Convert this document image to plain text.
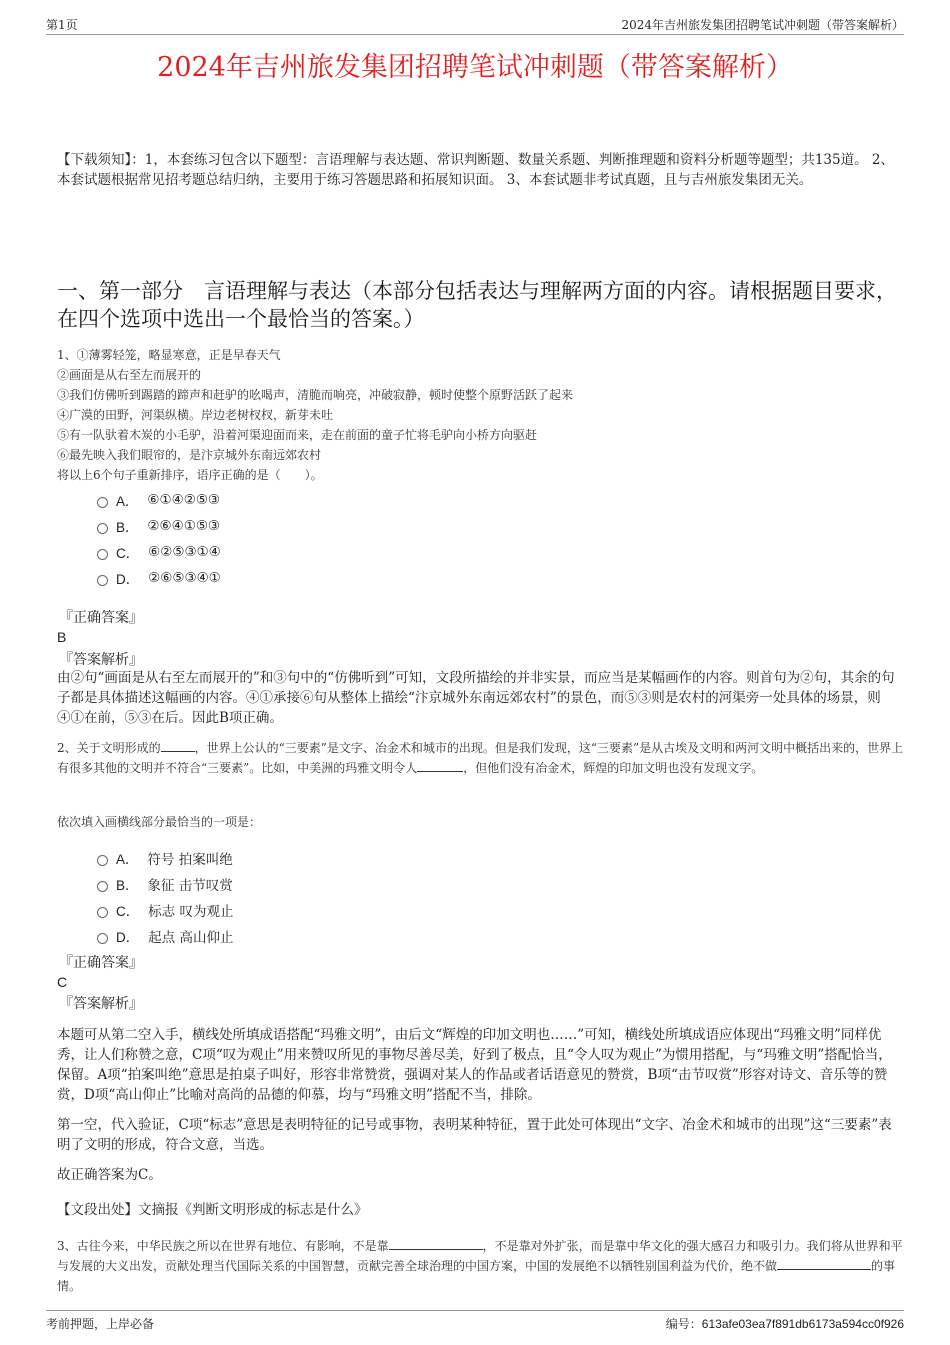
第1页	2024年吉州旅发集团招聘笔试冲刺题（带答案解析）
2024年吉州旅发集团招聘笔试冲刺题（带答案解析）
【下载须知】：1，本套练习包含以下题型：言语理解与表达题、常识判断题、数量关系题、判断推理题和资料分析题等题型；共135道。 2、本套试题根据常见招考题总结归纳，主要用于练习答题思路和拓展知识面。 3、本套试题非考试真题，且与吉州旅发集团无关。
一、第一部分　言语理解与表达（本部分包括表达与理解两方面的内容。请根据题目要求，在四个选项中选出一个最恰当的答案。）
1、①薄雾轻笼，略显寒意，正是早春天气
②画面是从右至左而展开的
③我们仿佛听到踢踏的蹄声和赶驴的吆喝声，清脆而响亮，冲破寂静，顿时使整个原野活跃了起来
④广漠的田野，河渠纵横。岸边老树杈杈，新芽未吐
⑤有一队驮着木炭的小毛驴，沿着河渠迎面而来，走在前面的童子忙将毛驴向小桥方向驱赶
⑥最先映入我们眼帘的，是汴京城外东南远郊农村
将以上6个句子重新排序，语序正确的是（　　）。
A．
⑥①④②⑤③
B．
②⑥④①⑤③
C．
⑥②⑤③①④
D．
②⑥⑤③④①
『正确答案』
B
『答案解析』
由②句“画面是从右至左而展开的”和③句中的“仿佛听到”可知，文段所描绘的并非实景，而应当是某幅画作的内容。则首句为②句，其余的句子都是具体描述这幅画的内容。④①承接⑥句从整体上描绘“汴京城外东南远郊农村”的景色，而⑤③则是农村的河渠旁一处具体的场景，则④①在前，⑤③在后。因此B项正确。
2、关于文明形成的	，世界上公认的“三要素”是文字、冶金术和城市的出现。但是我们发现，这“三要素”是从古埃及文明和两河文明中概括出来的，世界上有很多其他的文明并不符合“三要素”。比如，中美洲的玛雅文明令人	，但他们没有冶金术，辉煌的印加文明也没有发现文字。
依次填入画横线部分最恰当的一项是：
A．
符号 拍案叫绝
B．
象征 击节叹赏
C．
标志 叹为观止
D．
起点 高山仰止
『正确答案』
C
『答案解析』
本题可从第二空入手，横线处所填成语搭配“玛雅文明”，由后文“辉煌的印加文明也……”可知，横线处所填成语应体现出“玛雅文明”同样优秀，让人们称赞之意，C项“叹为观止”用来赞叹所见的事物尽善尽美，好到了极点，且“令人叹为观止”为惯用搭配，与“玛雅文明”搭配恰当，保留。A项“拍案叫绝”意思是拍桌子叫好，形容非常赞赏，强调对某人的作品或者话语意见的赞赏，B项“击节叹赏”形容对诗文、音乐等的赞赏，D项“高山仰止”比喻对高尚的品德的仰慕，均与“玛雅文明”搭配不当，排除。
第一空，代入验证，C项“标志”意思是表明特征的记号或事物，表明某种特征，置于此处可体现出“文字、冶金术和城市的出现”这“三要素”表明了文明的形成，符合文意，当选。
故正确答案为C。
【文段出处】文摘报《判断文明形成的标志是什么》
3、古往今来，中华民族之所以在世界有地位、有影响，不是靠	，不是靠对外扩张，而是靠中华文化的强大感召力和吸引力。我们将从世界和平与发展的大义出发，贡献处理当代国际关系的中国智慧，贡献完善全球治理的中国方案，中国的发展绝不以牺牲别国利益为代价，绝不做	的事情。
考前押题，上岸必备	编号：613afe03ea7f891db6173a594cc0f926
